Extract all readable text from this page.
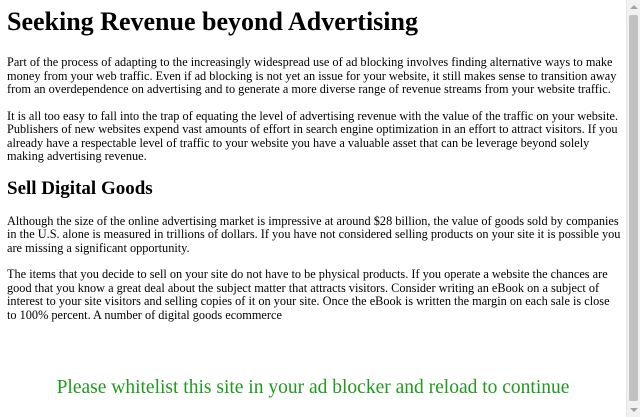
Seeking Revenue beyond Advertising

Part of the process of adapting to the increasingly widespread use of ad blocking involves finding alternative ways to make money from your web traffic. Even if ad blocking is not yet an issue for your website, it still makes sense to transition away from an overdependence on advertising and to generate a more diverse range of revenue streams from your website traffic.

It is all too easy to fall into the trap of equating the level of advertising revenue with the value of the traffic on your website. Publishers of new websites expend vast amounts of effort in search engine optimization in an effort to attract visitors. If you already have a respectable level of traffic to your website you have a valuable asset that can be leverage beyond solely making advertising revenue.

Sell Digital Goods

Although the size of the online advertising market is impressive at around $28 billion, the value of goods sold by companies in the U.S. alone is measured in trillions of dollars. If you have not considered selling products on your site it is possible you are missing a significant opportunity.

The items that you decide to sell on your site do not have to be physical products. If you operate a website the chances are good that you know a great deal about the subject matter that attracts visitors. Consider writing an eBook on a subject of interest to your site visitors and selling copies of it on your site. Once the eBook is written the margin on each sale is close to 100% percent. A number of digital goods ecommerce

Please whitelist this site in your ad blocker and reload to continue
